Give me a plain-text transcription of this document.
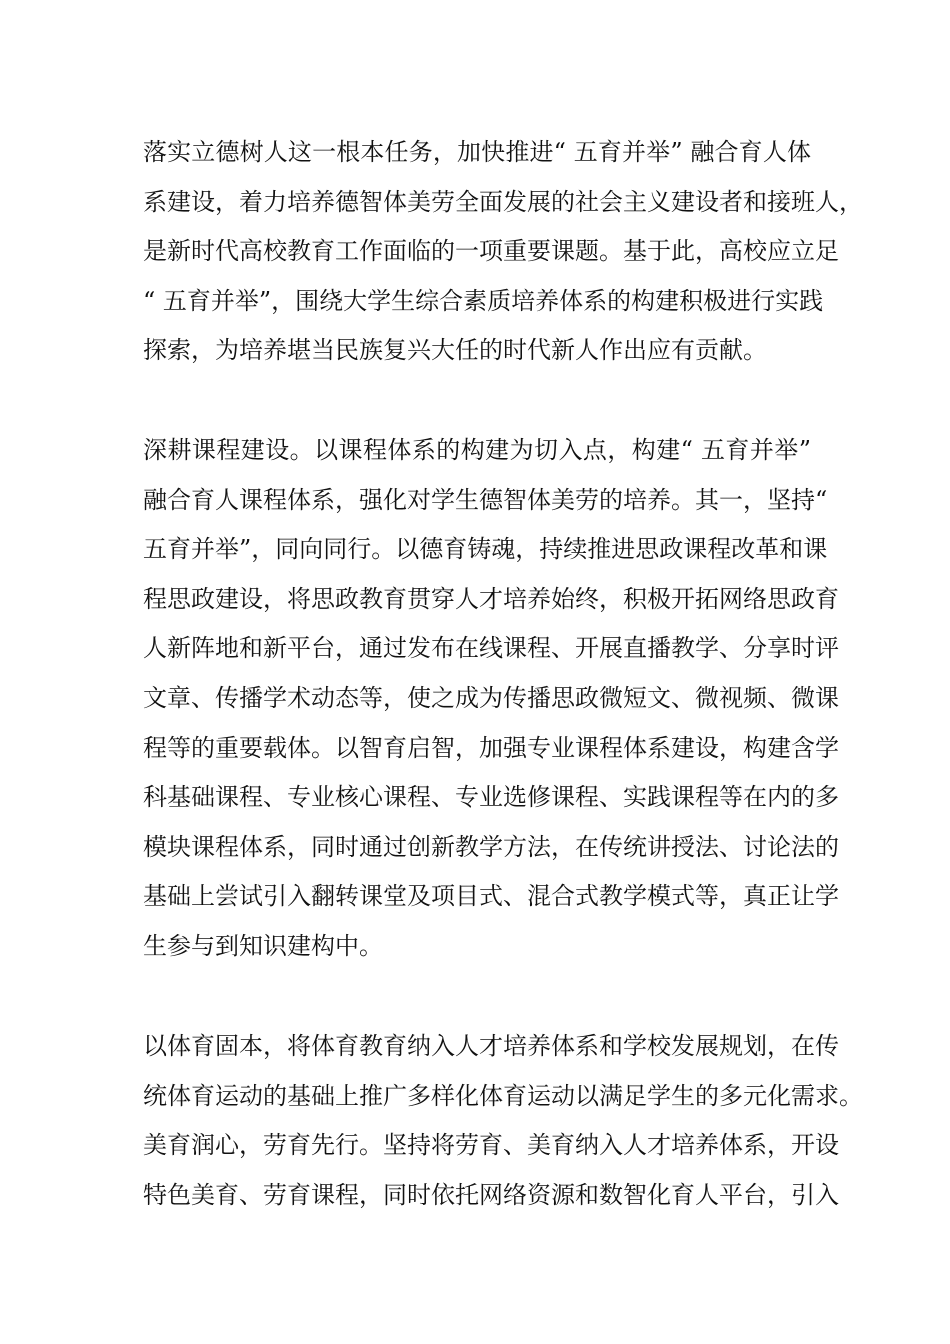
落实立德树人这一根本任务，加快推进“ 五育并举” 融合育人体
系建设，着力培养德智体美劳全面发展的社会主义建设者和接班人，
是新时代高校教育工作面临的一项重要课题。基于此，高校应立足
“ 五育并举”，围绕大学生综合素质培养体系的构建积极进行实践
探索，为培养堪当民族复兴大任的时代新人作出应有贡献。
深耕课程建设。以课程体系的构建为切入点，构建“ 五育并举”
融合育人课程体系，强化对学生德智体美劳的培养。其一，坚持“
五育并举”，同向同行。以德育铸魂，持续推进思政课程改革和课
程思政建设，将思政教育贯穿人才培养始终，积极开拓网络思政育
人新阵地和新平台，通过发布在线课程、开展直播教学、分享时评
文章、传播学术动态等，使之成为传播思政微短文、微视频、微课
程等的重要载体。以智育启智，加强专业课程体系建设，构建含学
科基础课程、专业核心课程、专业选修课程、实践课程等在内的多
模块课程体系，同时通过创新教学方法，在传统讲授法、讨论法的
基础上尝试引入翻转课堂及项目式、混合式教学模式等，真正让学
生参与到知识建构中。
以体育固本，将体育教育纳入人才培养体系和学校发展规划，在传
统体育运动的基础上推广多样化体育运动以满足学生的多元化需求。
美育润心，劳育先行。坚持将劳育、美育纳入人才培养体系，开设
特色美育、劳育课程，同时依托网络资源和数智化育人平台，引入
